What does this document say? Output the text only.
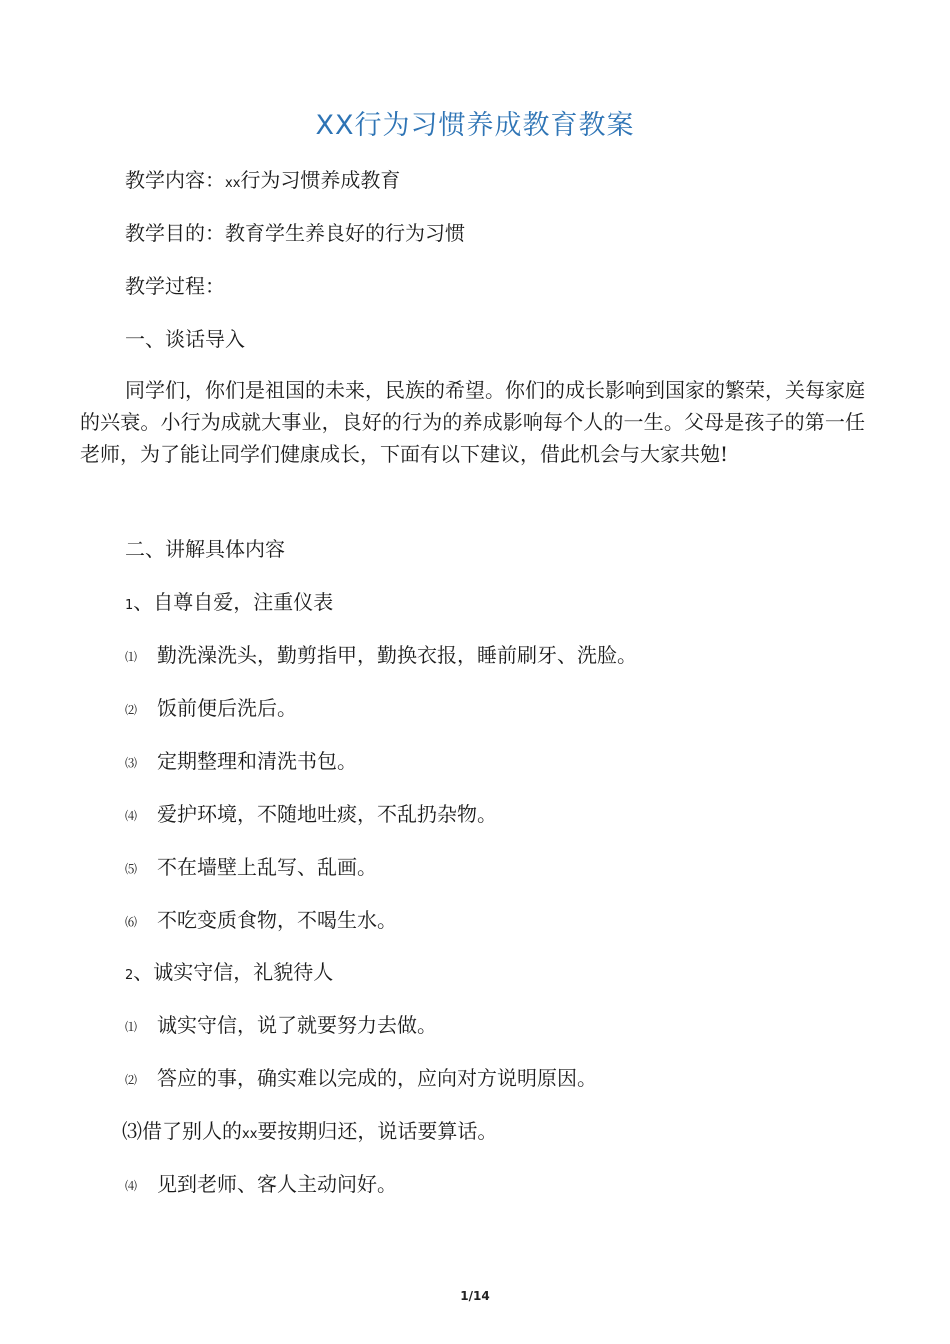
XX行为习惯养成教育教案
教学内容：xx行为习惯养成教育
教学目的：教育学生养良好的行为习惯
教学过程：
一、谈话导入
同学们，你们是祖国的未来，民族的希望。你们的成长影响到国家的繁荣，关每家庭的兴衰。小行为成就大事业，良好的行为的养成影响每个人的一生。父母是孩子的第一任老师，为了能让同学们健康成长，下面有以下建议，借此机会与大家共勉!
二、讲解具体内容
1、自尊自爱，注重仪表
⑴ 勤洗澡洗头，勤剪指甲，勤换衣报，睡前刷牙、洗脸。
⑵ 饭前便后洗后。
⑶ 定期整理和清洗书包。
⑷ 爱护环境，不随地吐痰，不乱扔杂物。
⑸ 不在墙壁上乱写、乱画。
⑹ 不吃变质食物，不喝生水。
2、诚实守信，礼貌待人
⑴ 诚实守信，说了就要努力去做。
⑵ 答应的事，确实难以完成的，应向对方说明原因。
⑶借了别人的xx要按期归还，说话要算话。
⑷ 见到老师、客人主动问好。
1/14
